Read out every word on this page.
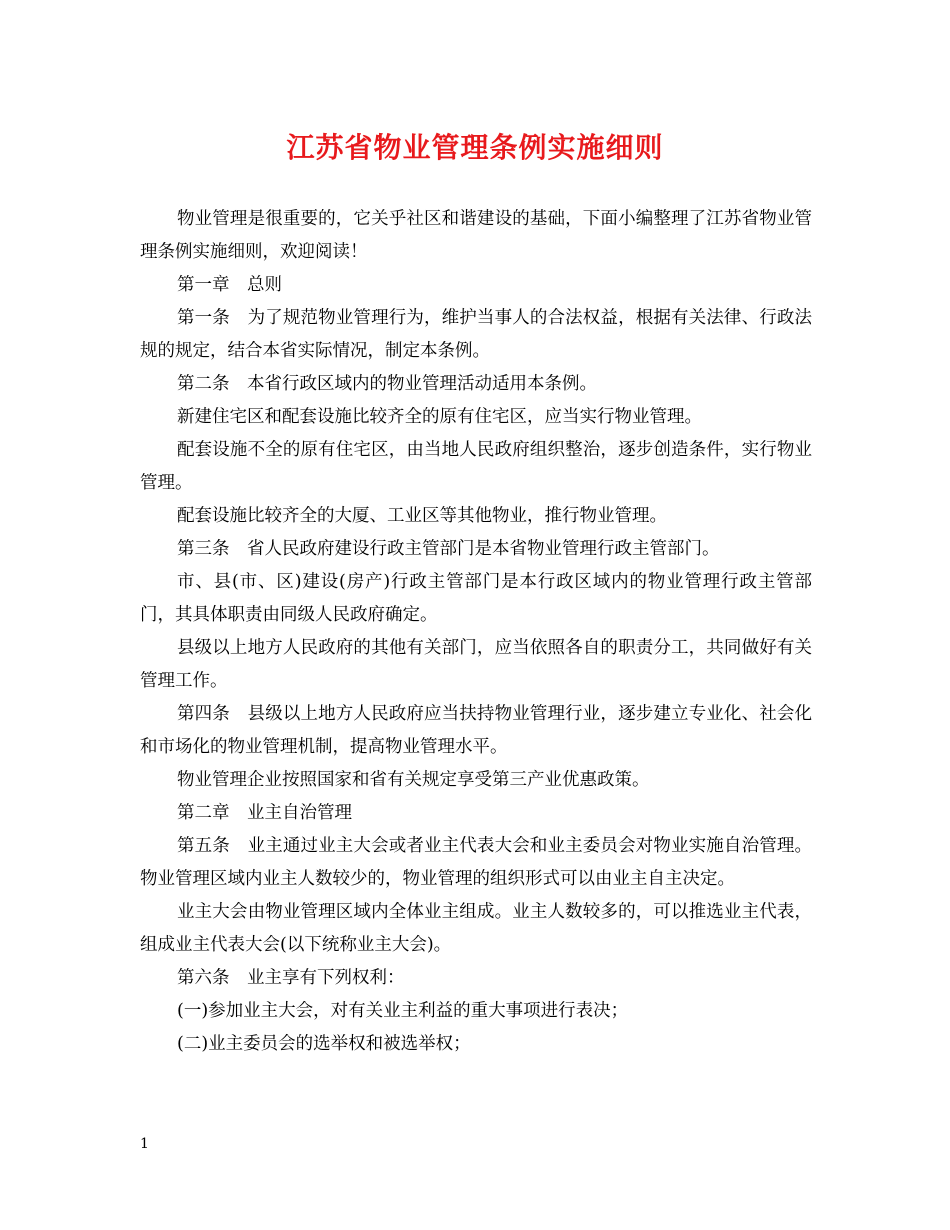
江苏省物业管理条例实施细则

物业管理是很重要的，它关乎社区和谐建设的基础，下面小编整理了江苏省物业管理条例实施细则，欢迎阅读！

第一章　总则

第一条　为了规范物业管理行为，维护当事人的合法权益，根据有关法律、行政法规的规定，结合本省实际情况，制定本条例。

第二条　本省行政区域内的物业管理活动适用本条例。

新建住宅区和配套设施比较齐全的原有住宅区，应当实行物业管理。

配套设施不全的原有住宅区，由当地人民政府组织整治，逐步创造条件，实行物业管理。

配套设施比较齐全的大厦、工业区等其他物业，推行物业管理。

第三条　省人民政府建设行政主管部门是本省物业管理行政主管部门。

市、县(市、区)建设(房产)行政主管部门是本行政区域内的物业管理行政主管部门，其具体职责由同级人民政府确定。

县级以上地方人民政府的其他有关部门，应当依照各自的职责分工，共同做好有关管理工作。

第四条　县级以上地方人民政府应当扶持物业管理行业，逐步建立专业化、社会化和市场化的物业管理机制，提高物业管理水平。

物业管理企业按照国家和省有关规定享受第三产业优惠政策。

第二章　业主自治管理

第五条　业主通过业主大会或者业主代表大会和业主委员会对物业实施自治管理。物业管理区域内业主人数较少的，物业管理的组织形式可以由业主自主决定。

业主大会由物业管理区域内全体业主组成。业主人数较多的，可以推选业主代表，组成业主代表大会(以下统称业主大会)。

第六条　业主享有下列权利：

(一)参加业主大会，对有关业主利益的重大事项进行表决；

(二)业主委员会的选举权和被选举权；

1
